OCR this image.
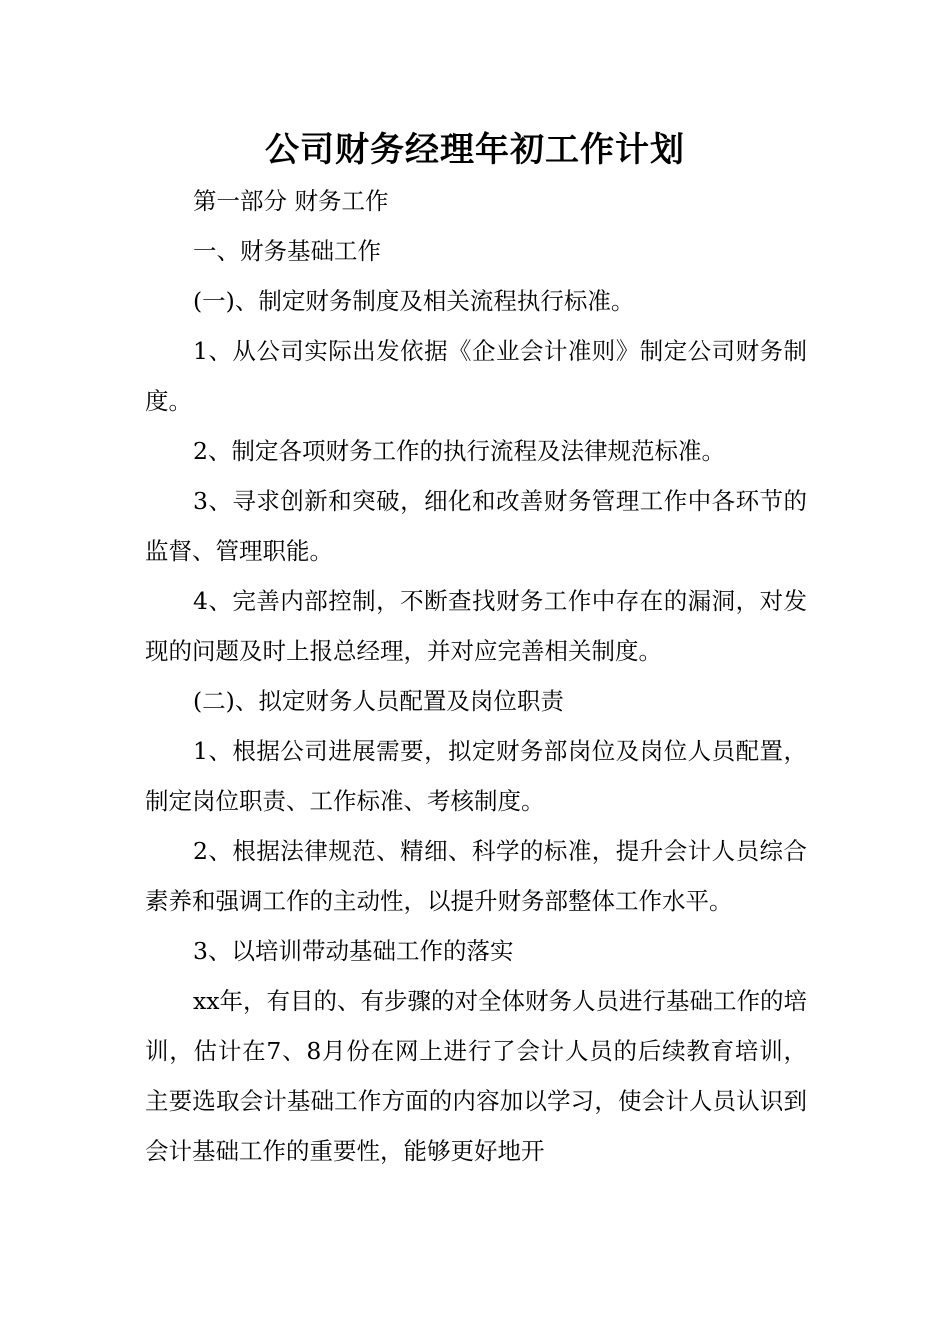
公司财务经理年初工作计划

第一部分 财务工作

一、财务基础工作

(一)、制定财务制度及相关流程执行标准。

1、从公司实际出发依据《企业会计准则》制定公司财务制度。

2、制定各项财务工作的执行流程及法律规范标准。

3、寻求创新和突破，细化和改善财务管理工作中各环节的监督、管理职能。

4、完善内部控制，不断查找财务工作中存在的漏洞，对发现的问题及时上报总经理，并对应完善相关制度。

(二)、拟定财务人员配置及岗位职责

1、根据公司进展需要，拟定财务部岗位及岗位人员配置，制定岗位职责、工作标准、考核制度。

2、根据法律规范、精细、科学的标准，提升会计人员综合素养和强调工作的主动性，以提升财务部整体工作水平。

3、以培训带动基础工作的落实

xx年，有目的、有步骤的对全体财务人员进行基础工作的培训，估计在7、8月份在网上进行了会计人员的后续教育培训，主要选取会计基础工作方面的内容加以学习，使会计人员认识到会计基础工作的重要性，能够更好地开
